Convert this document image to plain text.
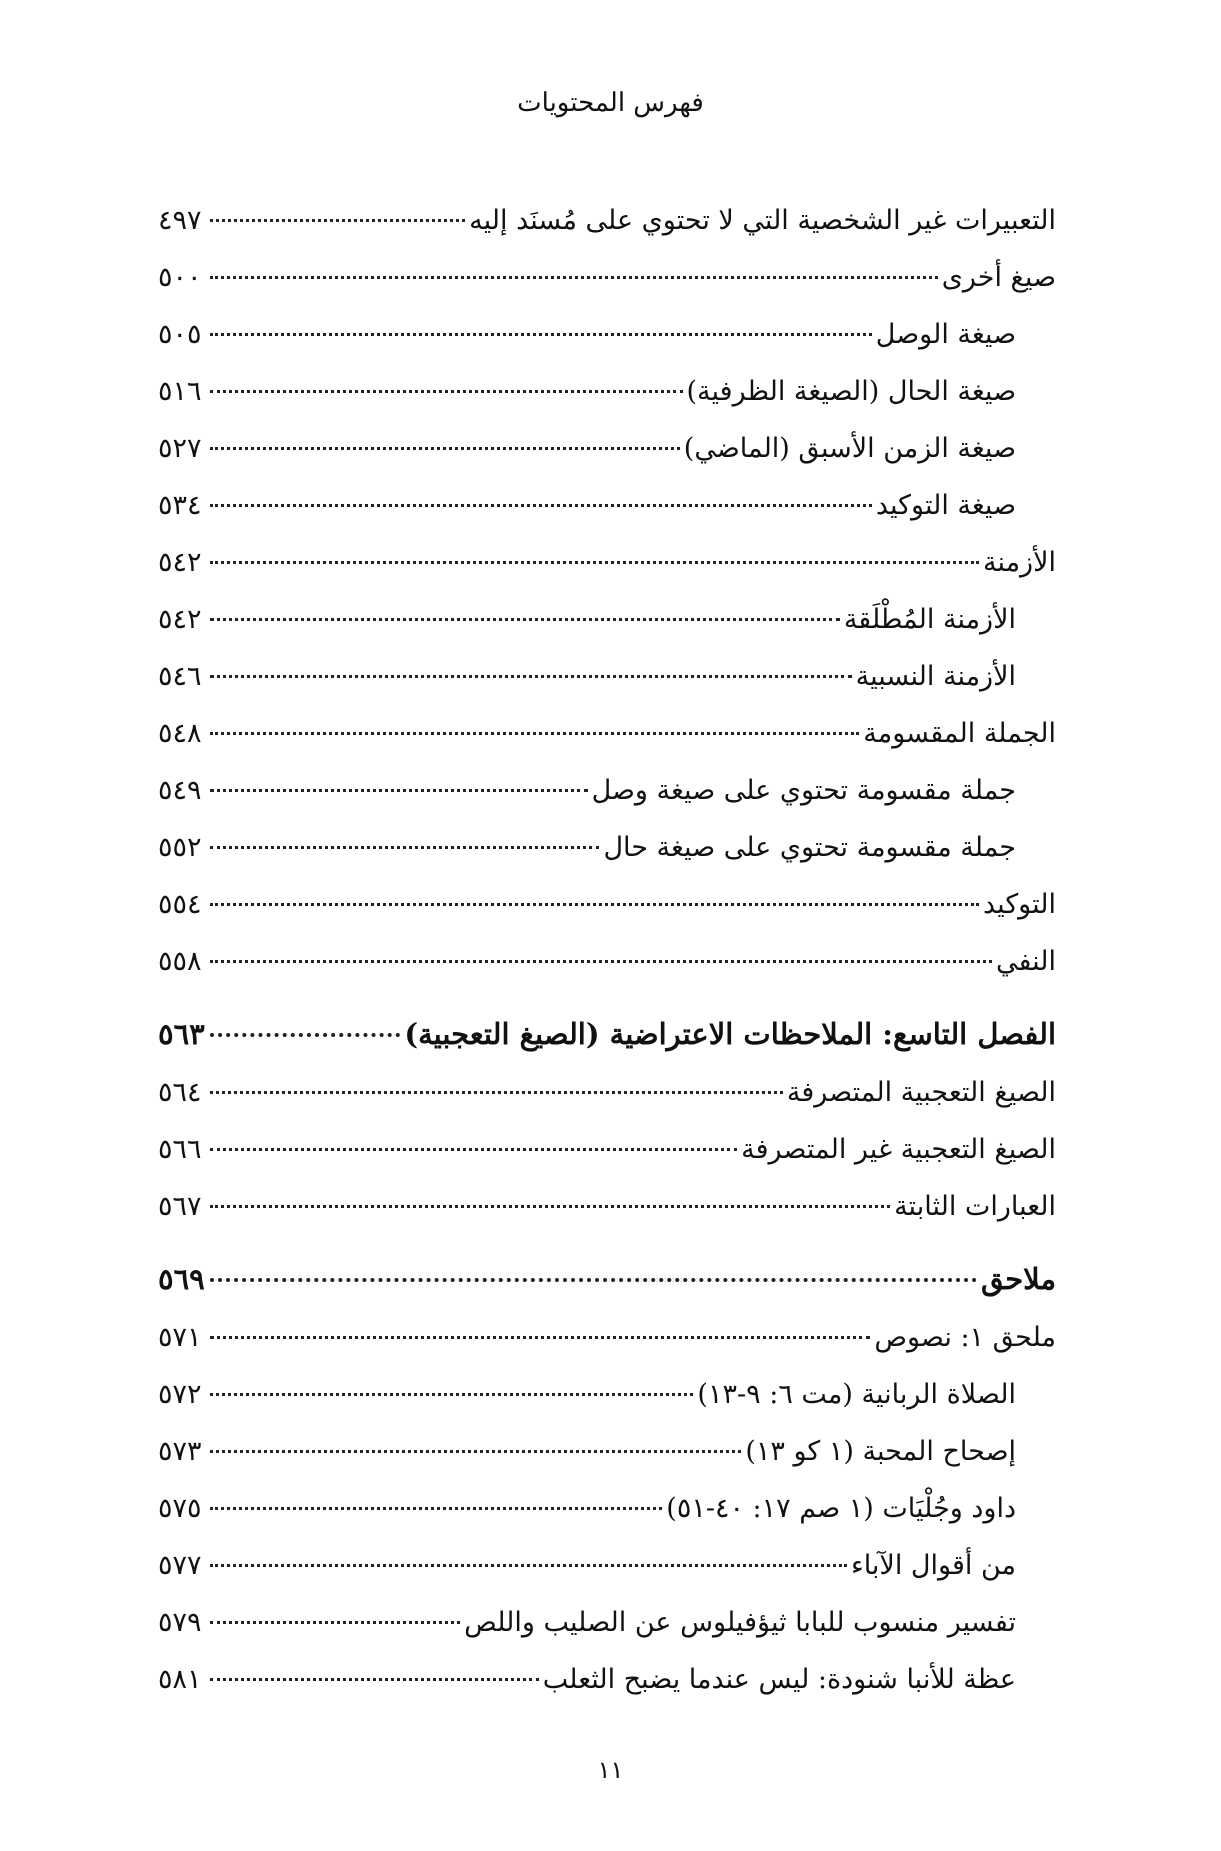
فهرس المحتويات
التعبيرات غير الشخصية التي لا تحتوي على مُسنَد إليه
٤٩٧
صيغ أخرى
٥٠٠
صيغة الوصل
٥٠٥
صيغة الحال (الصيغة الظرفية)
٥١٦
صيغة الزمن الأسبق (الماضي)
٥٢٧
صيغة التوكيد
٥٣٤
الأزمنة
٥٤٢
الأزمنة المُطْلَقة
٥٤٢
الأزمنة النسبية
٥٤٦
الجملة المقسومة
٥٤٨
جملة مقسومة تحتوي على صيغة وصل
٥٤٩
جملة مقسومة تحتوي على صيغة حال
٥٥٢
التوكيد
٥٥٤
النفي
٥٥٨
الفصل التاسع: الملاحظات الاعتراضية (الصيغ التعجبية)
٥٦٣
الصيغ التعجبية المتصرفة
٥٦٤
الصيغ التعجبية غير المتصرفة
٥٦٦
العبارات الثابتة
٥٦٧
ملاحق
٥٦٩
ملحق ١: نصوص
٥٧١
الصلاة الربانية (مت ٦: ٩-١٣)
٥٧٢
إصحاح المحبة (١ كو ١٣)
٥٧٣
داود وجُلْيَات (١ صم ١٧: ٤٠-٥١)
٥٧٥
من أقوال الآباء
٥٧٧
تفسير منسوب للبابا ثيؤفيلوس عن الصليب واللص
٥٧٩
عظة للأنبا شنودة: ليس عندما يضبح الثعلب
٥٨١
١١
